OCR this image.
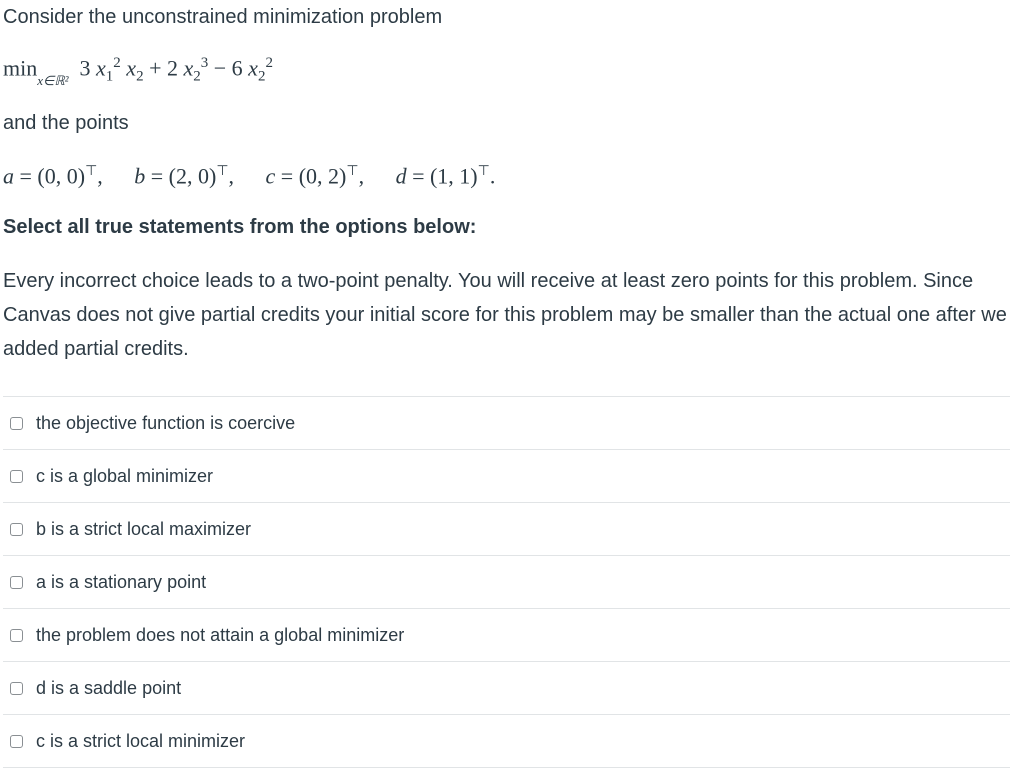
Consider the unconstrained minimization problem
$\min_{x\in ℝ^2} 3$ $x_1^2$ $x_2 + 2$ $x_2^3 - 6$ $x_2^2$
and the points
a = (0, 0)⊤, b = (2, 0)⊤, c = (0, 2)⊤, d = (1, 1)⊤.
Select all true statements from the options below:
Every incorrect choice leads to a two-point penalty. You will receive at least zero points for this problem. Since Canvas does not give partial credits your initial score for this problem may be smaller than the actual one after we added partial credits.
the objective function is coercive
c is a global minimizer
b is a strict local maximizer
a is a stationary point
the problem does not attain a global minimizer
d is a saddle point
c is a strict local minimizer
